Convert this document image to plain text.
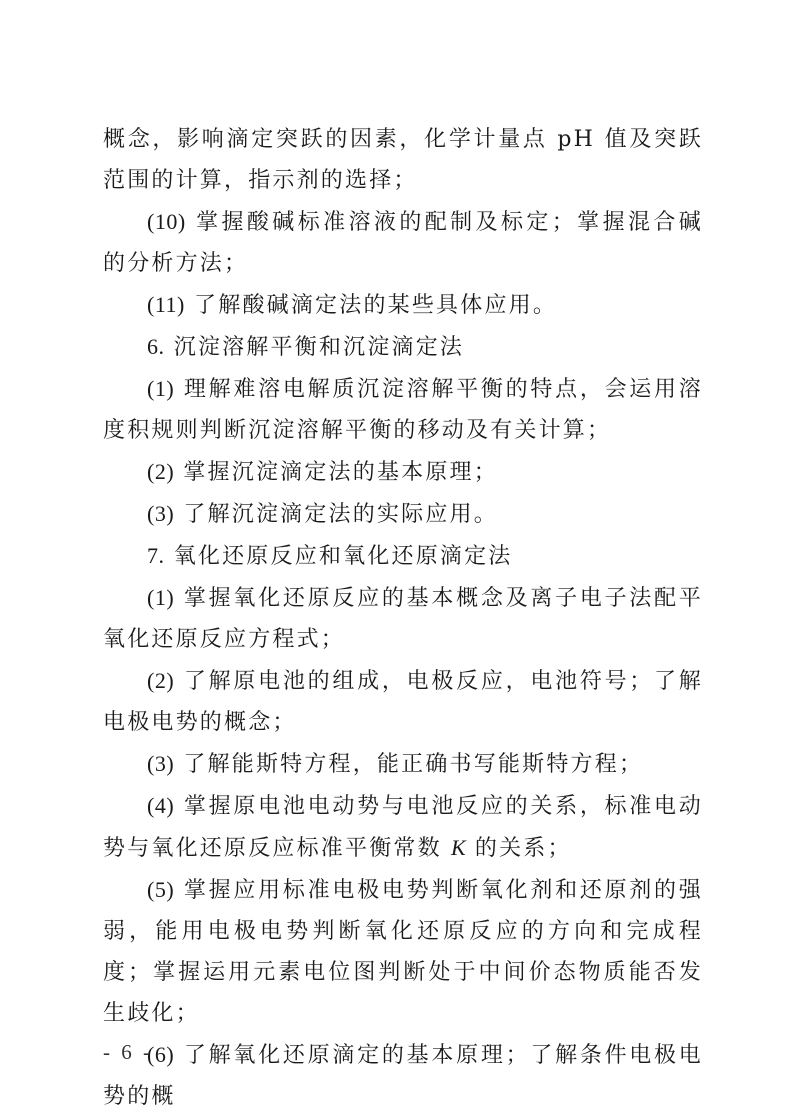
概念，影响滴定突跃的因素，化学计量点 pH 值及突跃范围的计算，指示剂的选择；

(10) 掌握酸碱标准溶液的配制及标定；掌握混合碱的分析方法；

(11) 了解酸碱滴定法的某些具体应用。

6. 沉淀溶解平衡和沉淀滴定法

(1) 理解难溶电解质沉淀溶解平衡的特点，会运用溶度积规则判断沉淀溶解平衡的移动及有关计算；

(2) 掌握沉淀滴定法的基本原理；

(3) 了解沉淀滴定法的实际应用。

7. 氧化还原反应和氧化还原滴定法

(1) 掌握氧化还原反应的基本概念及离子电子法配平氧化还原反应方程式；

(2) 了解原电池的组成，电极反应，电池符号；了解电极电势的概念；

(3) 了解能斯特方程，能正确书写能斯特方程；

(4) 掌握原电池电动势与电池反应的关系，标准电动势与氧化还原反应标准平衡常数 K 的关系；

(5) 掌握应用标准电极电势判断氧化剂和还原剂的强弱，能用电极电势判断氧化还原反应的方向和完成程度；掌握运用元素电位图判断处于中间价态物质能否发生歧化；

(6) 了解氧化还原滴定的基本原理；了解条件电极电势的概

- 6 -
